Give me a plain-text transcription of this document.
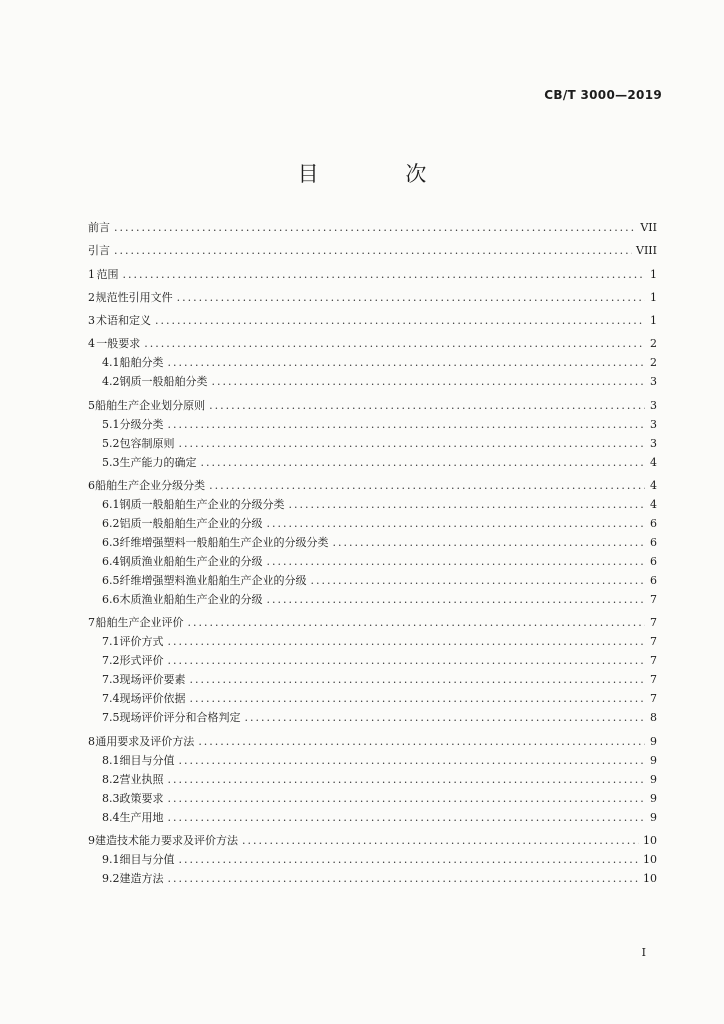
CB/T 3000—2019
目 次
前言 .....	VII
引言 .....	VIII
1 范围 .....	1
2 规范性引用文件 .....	1
3 术语和定义 .....	1
4 一般要求 .....	2
4.1 船舶分类 .....	2
4.2 钢质一般船舶分类 .....	3
5 船舶生产企业划分原则 .....	3
5.1 分级分类 .....	3
5.2 包容制原则 .....	3
5.3 生产能力的确定 .....	4
6 船舶生产企业分级分类 .....	4
6.1 钢质一般船舶生产企业的分级分类 .....	4
6.2 铝质一般船舶生产企业的分级 .....	6
6.3 纤维增强塑料一般船舶生产企业的分级分类 .....	6
6.4 钢质渔业船舶生产企业的分级 .....	6
6.5 纤维增强塑料渔业船舶生产企业的分级 .....	6
6.6 木质渔业船舶生产企业的分级 .....	7
7 船舶生产企业评价 .....	7
7.1 评价方式 .....	7
7.2 形式评价 .....	7
7.3 现场评价要素 .....	7
7.4 现场评价依据 .....	7
7.5 现场评价评分和合格判定 .....	8
8 通用要求及评价方法 .....	9
8.1 细目与分值 .....	9
8.2 营业执照 .....	9
8.3 政策要求 .....	9
8.4 生产用地 .....	9
9 建造技术能力要求及评价方法 .....	10
9.1 细目与分值 .....	10
9.2 建造方法 .....	10
I
